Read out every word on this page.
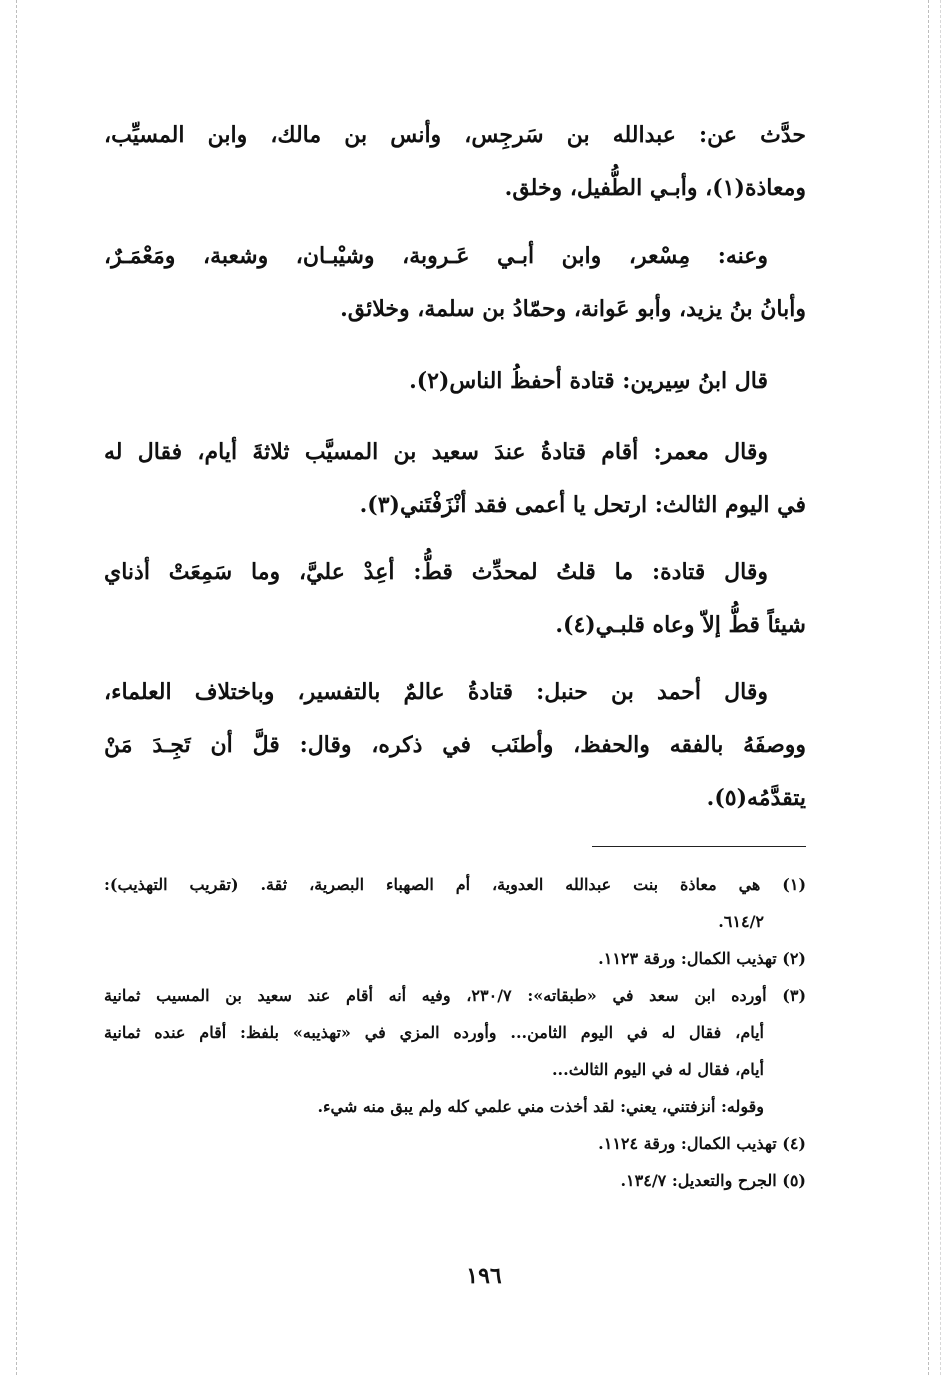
حدَّث عن: عبدالله بن سَرجِس، وأنس بن مالك، وابن المسيِّب،
ومعاذة(١)، وأبـي الطُّفيل، وخلق.
وعنه: مِسْعر، وابن أبـي عَـروبة، وشيْبـان، وشعبة، ومَعْمَـرٌ،
وأبانُ بنُ يزيد، وأبو عَوانة، وحمّادُ بن سلمة، وخلائق.
قال ابنُ سِيرين: قتادة أحفظُ الناس(٢).
وقال معمر: أقام قتادةُ عندَ سعيد بن المسيَّب ثلاثةَ أيام، فقال له
في اليوم الثالث: ارتحل يا أعمى فقد أنْزَفْتَني(٣).
وقال قتادة: ما قلتُ لمحدِّث قطُّ: أعِدْ عليَّ، وما سَمِعَتْ أذناي
شيئاً قطُّ إلاّ وعاه قلبـي(٤).
وقال أحمد بن حنبل: قتادةُ عالمٌ بالتفسير، وباختلاف العلماء،
ووصفَهُ بالفقه والحفظ، وأطنَب في ذكره، وقال: قلَّ أن تَجِـدَ مَنْ
يتقدَّمُه(٥).
(١) هي معاذة بنت عبدالله العدوية، أم الصهباء البصرية، ثقة. (تقريب التهذيب):
٦١٤/٢.
(٢) تهذيب الكمال: ورقة ١١٢٣.
(٣) أورده ابن سعد في «طبقاته»: ٢٣٠/٧، وفيه أنه أقام عند سعيد بن المسيب ثمانية
أيام، فقال له في اليوم الثامن... وأورده المزي في «تهذيبه» بلفظ: أقام عنده ثمانية
أيام، فقال له في اليوم الثالث...
وقوله: أنزفتني، يعني: لقد أخذت مني علمي كله ولم يبق منه شيء.
(٤) تهذيب الكمال: ورقة ١١٢٤.
(٥) الجرح والتعديل: ١٣٤/٧.
١٩٦
